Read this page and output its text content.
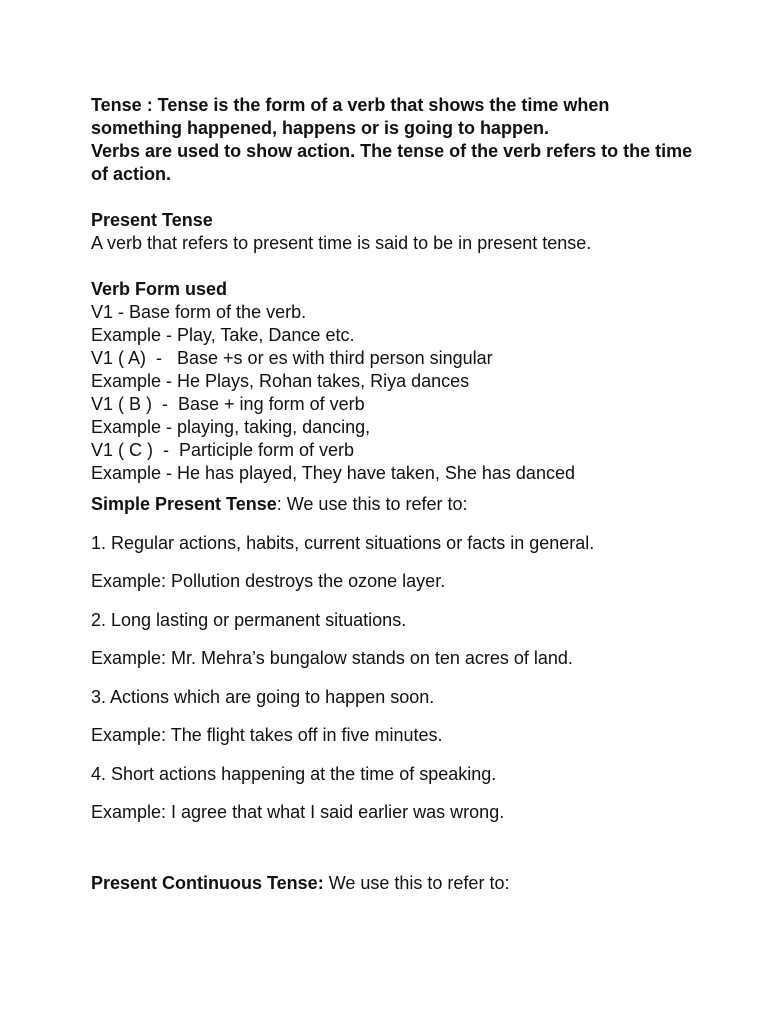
Tense : Tense is the form of a verb that shows the time when
something happened, happens or is going to happen.
Verbs are used to show action. The tense of the verb refers to the time
of action.
Present Tense
A verb that refers to present time is said to be in present tense.
Verb Form used
V1 - Base form of the verb.
Example - Play, Take, Dance etc.
V1 ( A)  -   Base +s or es with third person singular
Example - He Plays, Rohan takes, Riya dances
V1 ( B )  -  Base + ing form of verb
Example - playing, taking, dancing,
V1 ( C )  -  Participle form of verb
Example - He has played, They have taken, She has danced
Simple Present Tense: We use this to refer to:
1. Regular actions, habits, current situations or facts in general.
Example: Pollution destroys the ozone layer.
2. Long lasting or permanent situations.
Example: Mr. Mehra’s bungalow stands on ten acres of land.
3. Actions which are going to happen soon.
Example: The flight takes off in five minutes.
4. Short actions happening at the time of speaking.
Example: I agree that what I said earlier was wrong.
Present Continuous Tense: We use this to refer to:
